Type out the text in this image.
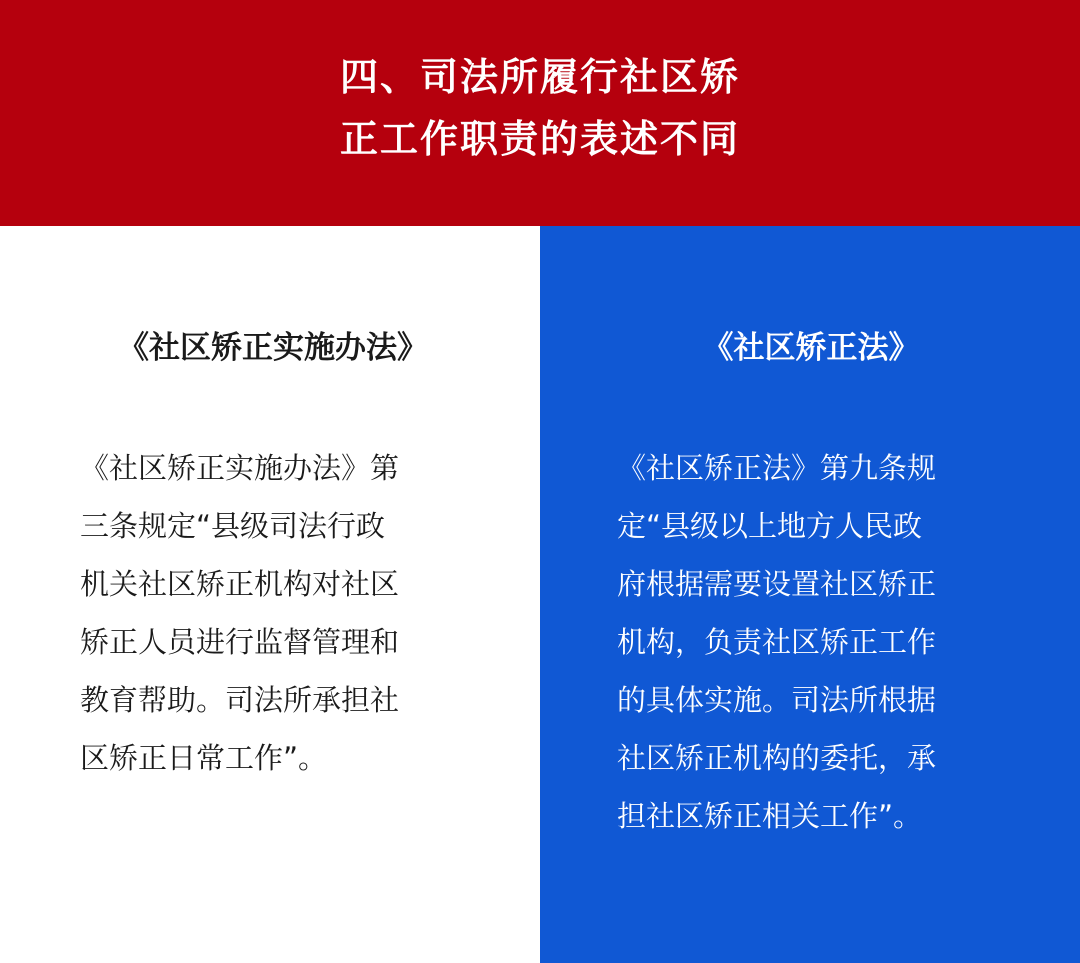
四、司法所履行社区矫
正工作职责的表述不同
《社区矫正实施办法》
《社区矫正实施办法》第
三条规定“县级司法行政
机关社区矫正机构对社区
矫正人员进行监督管理和
教育帮助。司法所承担社
区矫正日常工作”。
《社区矫正法》
《社区矫正法》第九条规
定“县级以上地方人民政
府根据需要设置社区矫正
机构，负责社区矫正工作
的具体实施。司法所根据
社区矫正机构的委托，承
担社区矫正相关工作”。
